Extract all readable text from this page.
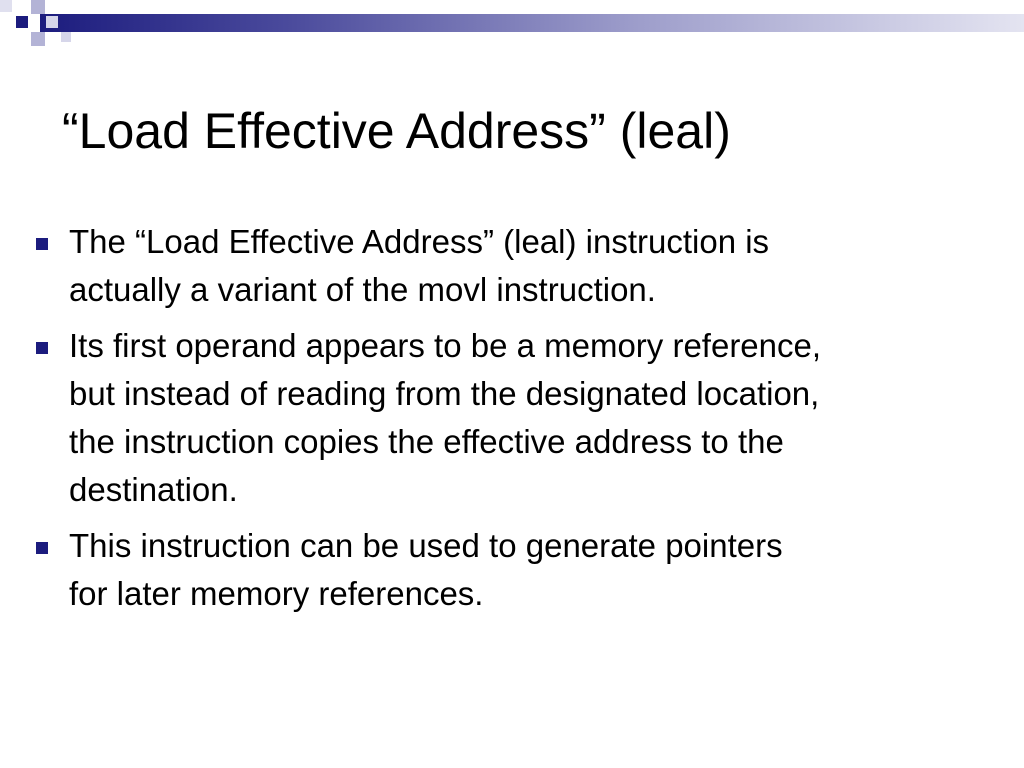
“Load Effective Address” (leal)
The “Load Effective Address” (leal) instruction is
actually a variant of the movl instruction.
Its first operand appears to be a memory reference,
but instead of reading from the designated location,
the instruction copies the effective address to the
destination.
This instruction can be used to generate pointers
for later memory references.
